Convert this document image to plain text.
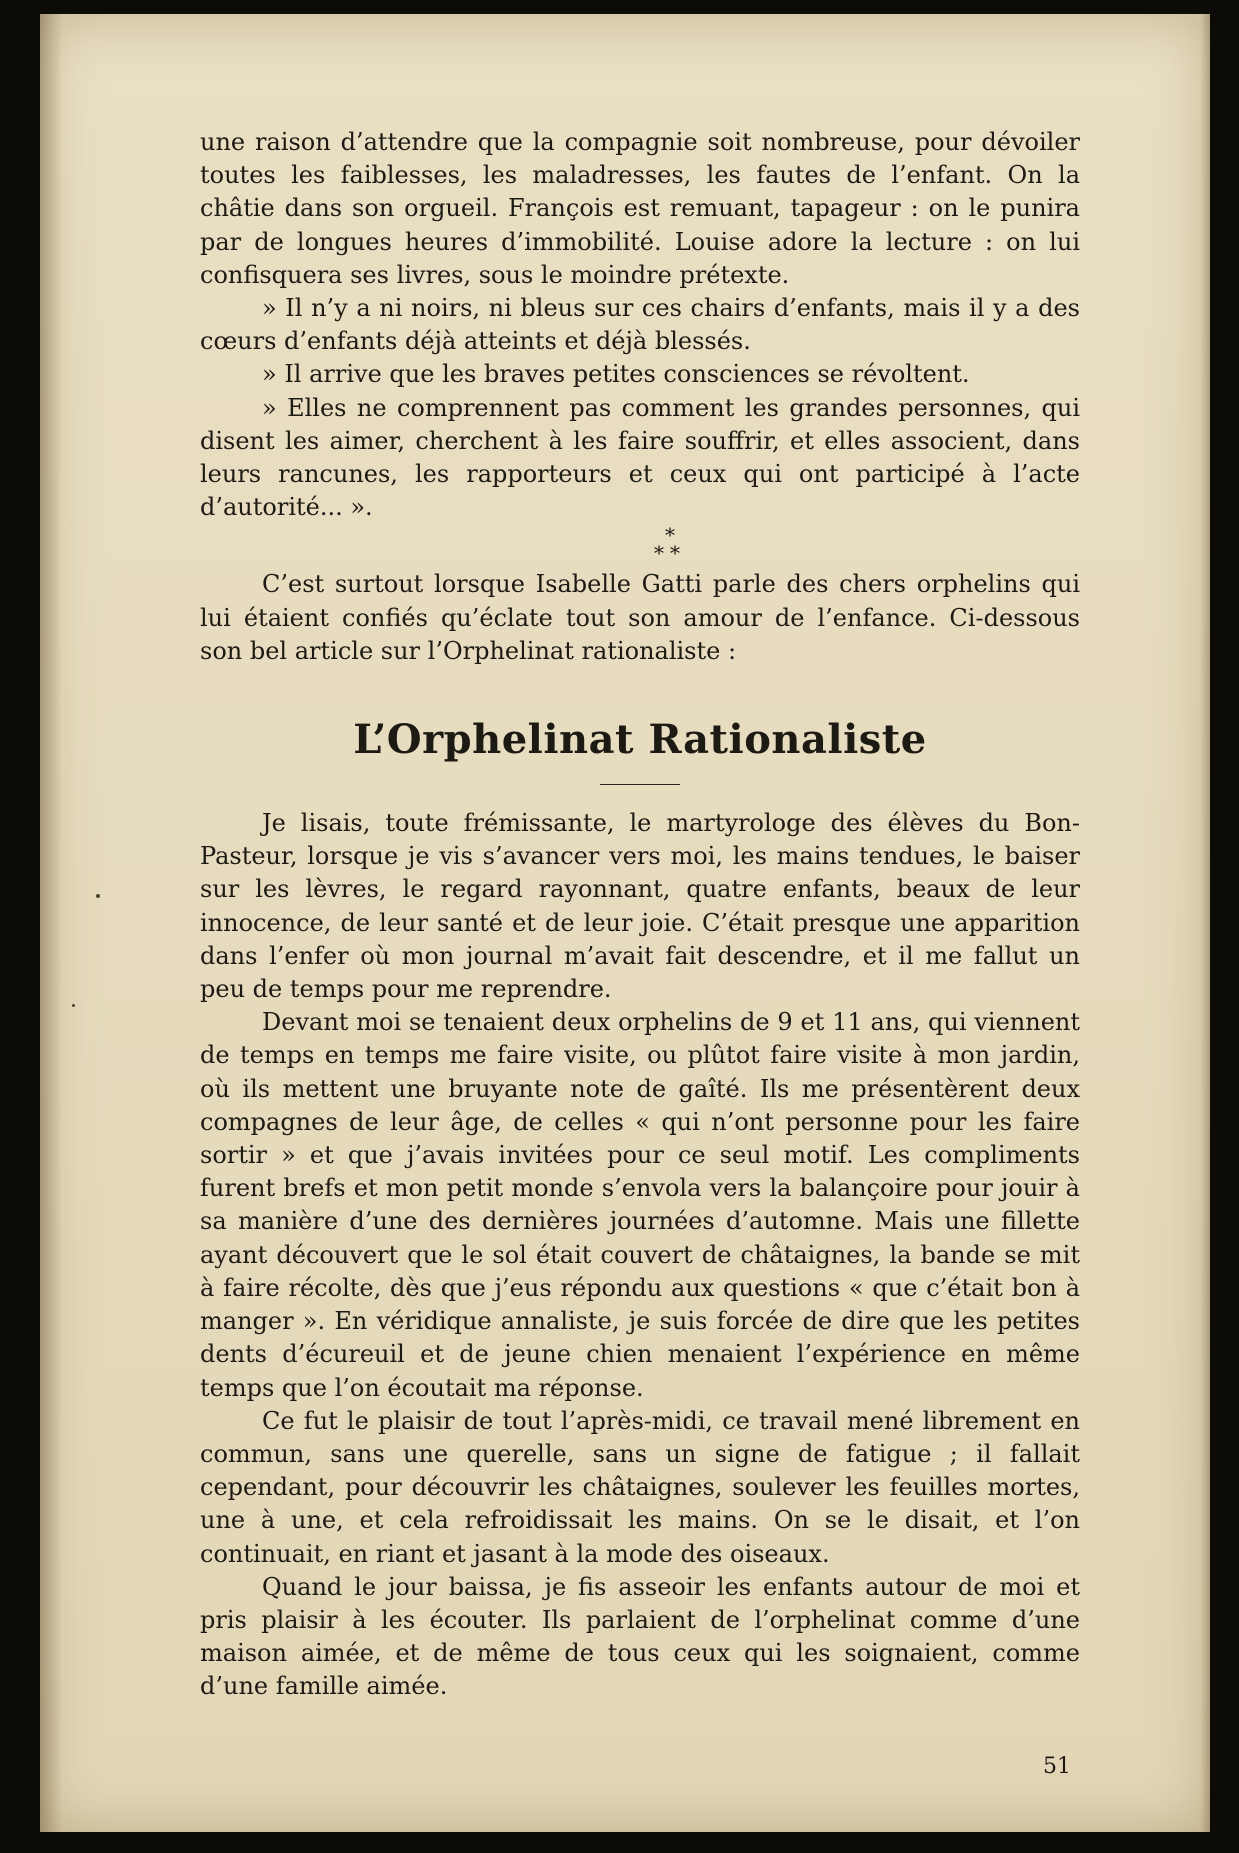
une raison d’attendre que la compagnie soit nombreuse, pour dévoiler toutes les faiblesses, les maladresses, les fautes de l’enfant. On la châtie dans son orgueil. François est remuant, tapageur : on le punira par de longues heures d’immobilité. Louise adore la lecture : on lui confisquera ses livres, sous le moindre prétexte.

» Il n’y a ni noirs, ni bleus sur ces chairs d’enfants, mais il y a des cœurs d’enfants déjà atteints et déjà blessés.

» Il arrive que les braves petites consciences se révoltent.

» Elles ne comprennent pas comment les grandes personnes, qui disent les aimer, cherchent à les faire souffrir, et elles associent, dans leurs rancunes, les rapporteurs et ceux qui ont participé à l’acte d’autorité... ».

*
**

C’est surtout lorsque Isabelle Gatti parle des chers orphelins qui lui étaient confiés qu’éclate tout son amour de l’enfance. Ci-dessous son bel article sur l’Orphelinat rationaliste :

L’Orphelinat Rationaliste

Je lisais, toute frémissante, le martyrologe des élèves du Bon-Pasteur, lorsque je vis s’avancer vers moi, les mains tendues, le baiser sur les lèvres, le regard rayonnant, quatre enfants, beaux de leur innocence, de leur santé et de leur joie. C’était presque une apparition dans l’enfer où mon journal m’avait fait descendre, et il me fallut un peu de temps pour me reprendre.

Devant moi se tenaient deux orphelins de 9 et 11 ans, qui viennent de temps en temps me faire visite, ou plûtot faire visite à mon jardin, où ils mettent une bruyante note de gaîté. Ils me présentèrent deux compagnes de leur âge, de celles « qui n’ont personne pour les faire sortir » et que j’avais invitées pour ce seul motif. Les compliments furent brefs et mon petit monde s’envola vers la balançoire pour jouir à sa manière d’une des dernières journées d’automne. Mais une fillette ayant découvert que le sol était couvert de châtaignes, la bande se mit à faire récolte, dès que j’eus répondu aux questions « que c’était bon à manger ». En véridique annaliste, je suis forcée de dire que les petites dents d’écureuil et de jeune chien menaient l’expérience en même temps que l’on écoutait ma réponse.

Ce fut le plaisir de tout l’après-midi, ce travail mené librement en commun, sans une querelle, sans un signe de fatigue ; il fallait cependant, pour découvrir les châtaignes, soulever les feuilles mortes, une à une, et cela refroidissait les mains. On se le disait, et l’on continuait, en riant et jasant à la mode des oiseaux.

Quand le jour baissa, je fis asseoir les enfants autour de moi et pris plaisir à les écouter. Ils parlaient de l’orphelinat comme d’une maison aimée, et de même de tous ceux qui les soignaient, comme d’une famille aimée.

51
